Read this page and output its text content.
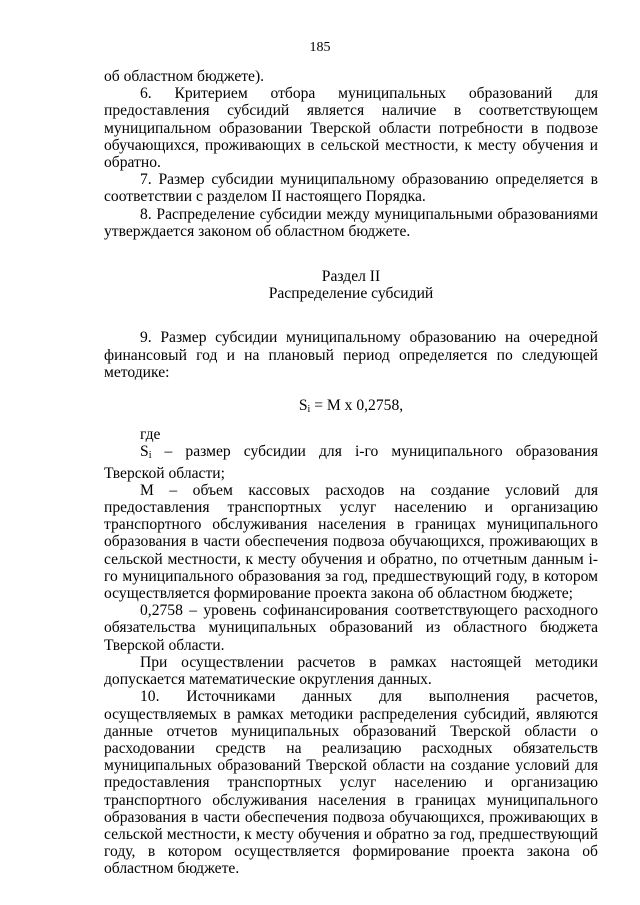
185

об областном бюджете).

6. Критерием отбора муниципальных образований для предоставления субсидий является наличие в соответствующем муниципальном образовании Тверской области потребности в подвозе обучающихся, проживающих в сельской местности, к месту обучения и обратно.

7. Размер субсидии муниципальному образованию определяется в соответствии с разделом II настоящего Порядка.

8. Распределение субсидии между муниципальными образованиями утверждается законом об областном бюджете.

Раздел II
Распределение субсидий

9. Размер субсидии муниципальному образованию на очередной финансовый год и на плановый период определяется по следующей методике:

$S_i = M$ x 0,2758,

где

$S_i$ – размер субсидии для i-го муниципального образования Тверской области;

M – объем кассовых расходов на создание условий для предоставления транспортных услуг населению и организацию транспортного обслуживания населения в границах муниципального образования в части обеспечения подвоза обучающихся, проживающих в сельской местности, к месту обучения и обратно, по отчетным данным i-го муниципального образования за год, предшествующий году, в котором осуществляется формирование проекта закона об областном бюджете;

0,2758 – уровень софинансирования соответствующего расходного обязательства муниципальных образований из областного бюджета Тверской области.

При осуществлении расчетов в рамках настоящей методики допускается математические округления данных.

10. Источниками данных для выполнения расчетов, осуществляемых в рамках методики распределения субсидий, являются данные отчетов муниципальных образований Тверской области о расходовании средств на реализацию расходных обязательств муниципальных образований Тверской области на создание условий для предоставления транспортных услуг населению и организацию транспортного обслуживания населения в границах муниципального образования в части обеспечения подвоза обучающихся, проживающих в сельской местности, к месту обучения и обратно за год, предшествующий году, в котором осуществляется формирование проекта закона об областном бюджете.
